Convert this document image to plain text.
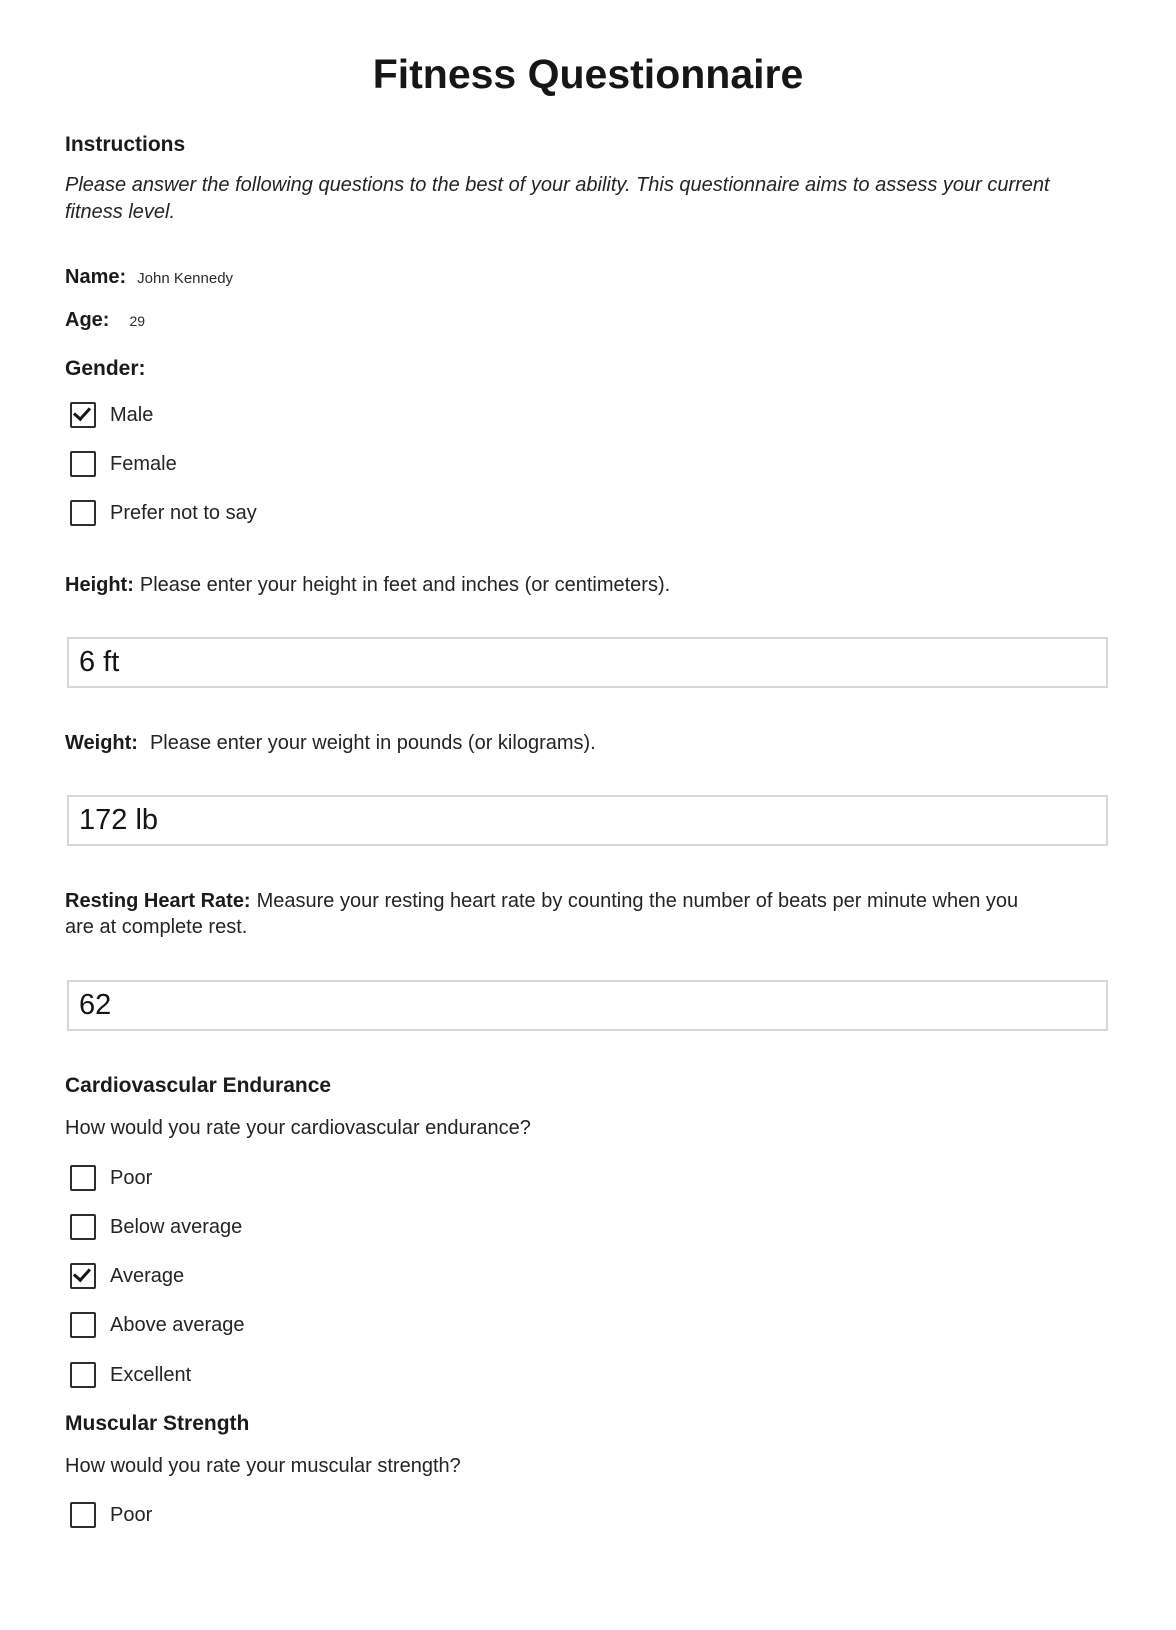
Fitness Questionnaire
Instructions
Please answer the following questions to the best of your ability. This questionnaire aims to assess your current fitness level.
Name: John Kennedy
Age: 29
Gender:
Male
Female
Prefer not to say
Height: Please enter your height in feet and inches (or centimeters).
6 ft
Weight: Please enter your weight in pounds (or kilograms).
172 lb
Resting Heart Rate: Measure your resting heart rate by counting the number of beats per minute when you are at complete rest.
62
Cardiovascular Endurance
How would you rate your cardiovascular endurance?
Poor
Below average
Average
Above average
Excellent
Muscular Strength
How would you rate your muscular strength?
Poor
